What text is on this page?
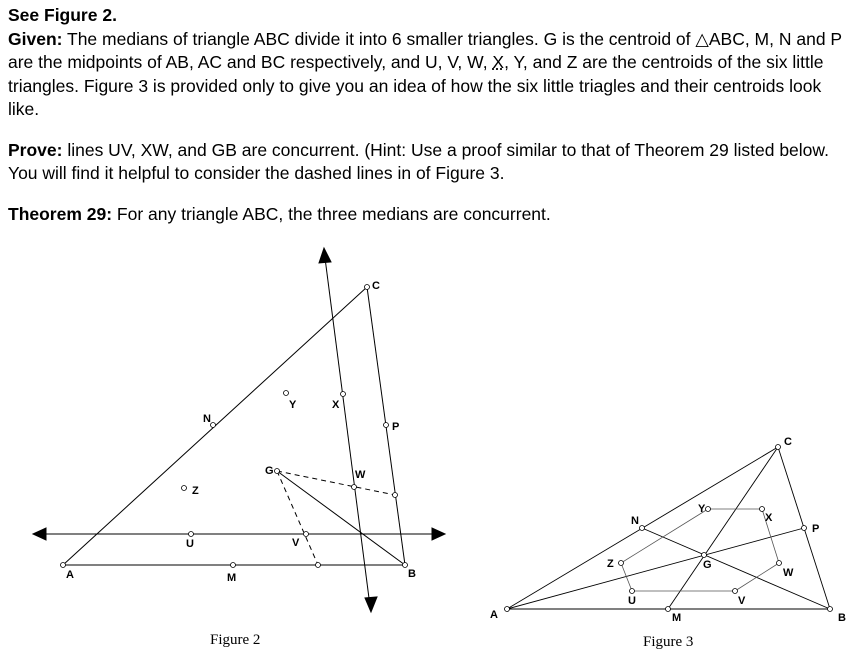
See Figure 2.

Given: The medians of triangle ABC divide it into 6 smaller triangles. G is the centroid of △ABC, M, N and P are the midpoints of AB, AC and BC respectively, and U, V, W, X, Y, and Z are the centroids of the six little triangles. Figure 3 is provided only to give you an idea of how the six little triagles and their centroids look like.

Prove: lines UV, XW, and GB are concurrent. (Hint: Use a proof similar to that of Theorem 29 listed below. You will find it helpful to consider the dashed lines in of Figure 3.

Theorem 29: For any triangle ABC, the three medians are concurrent.

A	B
C
M
N
P
G
U	V
W
X
Y
Z
Figure 2
A	B
C
M
N
P
G
U	V
W
X
Y
Z
Figure 3
